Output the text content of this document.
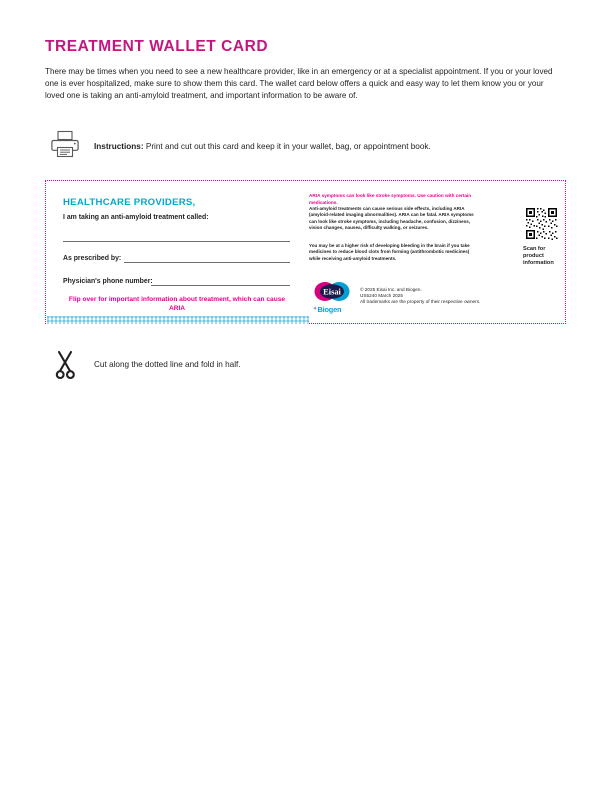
TREATMENT WALLET CARD
There may be times when you need to see a new healthcare provider, like in an emergency or at a specialist appointment. If you or your loved one is ever hospitalized, make sure to show them this card. The wallet card below offers a quick and easy way to let them know you or your loved one is taking an anti-amyloid treatment, and important information to be aware of.
Instructions: Print and cut out this card and keep it in your wallet, bag, or appointment book.
HEALTHCARE PROVIDERS,
I am taking an anti-amyloid treatment called:
As prescribed by:
Physician's phone number:
Flip over for important information about treatment, which can cause ARIA
ARIA symptoms can look like stroke symptoms. Use caution with certain medications.
Anti-amyloid treatments can cause serious side effects, including ARIA (amyloid-related imaging abnormalities). ARIA can be fatal. ARIA symptoms can look like stroke symptoms, including headache, confusion, dizziness, vision changes, nausea, difficulty walking, or seizures.
You may be at a higher risk of developing bleeding in the brain if you take medicines to reduce blood clots from forming (antithrombotic medicines) while receiving anti-amyloid treatments.
Scan for product information
Eisai
✦Biogen
© 2025 Eisai Inc. and Biogen.
US5240 March 2025
All trademarks are the property of their respective owners.
Cut along the dotted line and fold in half.
